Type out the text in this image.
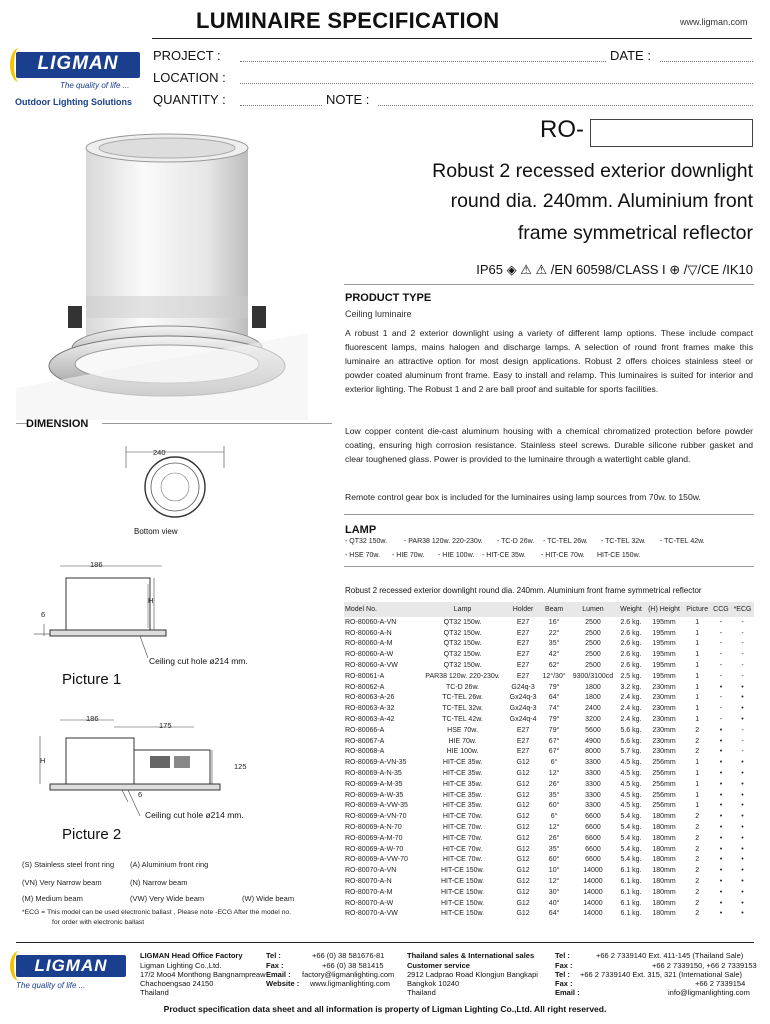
LUMINAIRE SPECIFICATION	www.ligman.com
LIGMAN
The quality of life ...
Outdoor Lighting Solutions
PROJECT :	DATE :
LOCATION :
QUANTITY :	NOTE :
RO-
Robust 2 recessed exterior downlight
round dia. 240mm. Aluminium front
frame symmetrical reflector
IP65 ◈ ⚠ ⚠ /EN 60598/CLASS I ⊕ /▽/CE /IK10
PRODUCT TYPE
Ceiling luminaire
A robust 1 and 2 exterior downlight using a variety of different lamp options. These include compact fluorescent lamps, mains halogen and discharge lamps. A selection of round front frames make this luminaire an attractive option for most design applications. Robust 2 offers choices stainless steel or powder coated aluminum front frame. Easy to install and relamp. This luminaires is suited for interior and exterior lighting. The Robust 1 and 2 are ball proof and suitable for sports facilities.
Low copper content die-cast aluminum housing with a chemical chromatized protection before powder coating, ensuring high corrosion resistance. Stainless steel screws. Durable silicone rubber gasket and clear toughened glass. Power is provided to the luminaire through a watertight cable gland.
Remote control gear box is included for the luminaires using lamp sources from 70w. to 150w.
DIMENSION
240
Bottom view
186
H
6
Ceiling cut hole ø214 mm.
Picture 1
186
175
H
125
6
Ceiling cut hole ø214 mm.
Picture 2
LAMP
- QT32 150w. - PAR38 120w. 220-230v. - TC-D 26w. - TC-TEL 26w. - TC-TEL 32w. - TC-TEL 42w.
- HSE 70w. - HIE 70w. - HIE 100w. - HIT-CE 35w. - HIT-CE 70w. HIT-CE 150w.
Robust 2 recessed exterior downlight round dia. 240mm. Aluminium front frame symmetrical reflector
Model No.	Lamp	Holder	Beam	Lumen	Weight	(H) Height	Picture	CCG	*ECG
RO-80060-A-VN	QT32 150w.	E27	16°	2500	2.6 kg.	195mm	1	-	-
RO-80060-A-N	QT32 150w.	E27	22°	2500	2.6 kg.	195mm	1	-	-
RO-80060-A-M	QT32 150w.	E27	35°	2500	2.6 kg.	195mm	1	-	-
RO-80060-A-W	QT32 150w.	E27	42°	2500	2.6 kg.	195mm	1	-	-
RO-80060-A-VW	QT32 150w.	E27	62°	2500	2.6 kg.	195mm	1	-	-
RO-80061-A	PAR38 120w. 220-230v.	E27	12°/30°	9300/3100cd	2.5 kg.	195mm	1	-	-
RO-80062-A	TC-D 26w.	G24q-3	79°	1800	3.2 kg.	230mm	1	•	•
RO-80063-A-26	TC-TEL 26w.	Gx24q-3	64°	1800	2.4 kg.	230mm	1	-	•
RO-80063-A-32	TC-TEL 32w.	Gx24q-3	74°	2400	2.4 kg.	230mm	1	-	•
RO-80063-A-42	TC-TEL 42w.	Gx24q-4	79°	3200	2.4 kg.	230mm	1	-	•
RO-80066-A	HSE 70w.	E27	79°	5600	5.6 kg.	230mm	2	•	-
RO-80067-A	HIE 70w.	E27	67°	4900	5.6 kg.	230mm	2	•	-
RO-80068-A	HIE 100w.	E27	67°	8000	5.7 kg.	230mm	2	•	-
RO-80069-A-VN-35	HIT-CE 35w.	G12	6°	3300	4.5 kg.	256mm	1	•	•
RO-80069-A-N-35	HIT-CE 35w.	G12	12°	3300	4.5 kg.	256mm	1	•	•
RO-80069-A-M-35	HIT-CE 35w.	G12	26°	3300	4.5 kg.	256mm	1	•	•
RO-80069-A-W-35	HIT-CE 35w.	G12	35°	3300	4.5 kg.	256mm	1	•	•
RO-80069-A-VW-35	HIT-CE 35w.	G12	60°	3300	4.5 kg.	256mm	1	•	•
RO-80069-A-VN-70	HIT-CE 70w.	G12	6°	6600	5.4 kg.	180mm	2	•	•
RO-80069-A-N-70	HIT-CE 70w.	G12	12°	6600	5.4 kg.	180mm	2	•	•
RO-80069-A-M-70	HIT-CE 70w.	G12	26°	6600	5.4 kg.	180mm	2	•	•
RO-80069-A-W-70	HIT-CE 70w.	G12	35°	6600	5.4 kg.	180mm	2	•	•
RO-80069-A-VW-70	HIT-CE 70w.	G12	60°	6600	5.4 kg.	180mm	2	•	•
RO-80070-A-VN	HIT-CE 150w.	G12	10°	14000	6.1 kg.	180mm	2	•	•
RO-80070-A-N	HIT-CE 150w.	G12	12°	14000	6.1 kg.	180mm	2	•	•
RO-80070-A-M	HIT-CE 150w.	G12	30°	14000	6.1 kg.	180mm	2	•	•
RO-80070-A-W	HIT-CE 150w.	G12	40°	14000	6.1 kg.	180mm	2	•	•
RO-80070-A-VW	HIT-CE 150w.	G12	64°	14000	6.1 kg.	180mm	2	•	•
(S) Stainless steel front ring (A) Aluminium front ring
(VN) Very Narrow beam	(N) Narrow beam
(M) Medium beam	(VW) Very Wide beam	(W) Wide beam
*ECG = This model can be used electronic ballast , Please note -ECG After the model no.
for order with electronic ballast
LIGMAN
The quality of life ...
LIGMAN Head Office Factory
Ligman Lighting Co.,Ltd.
17/2 Moo4 Monthong Bangnampreaw
Chachoengsao 24150
Thailand
Tel :	+66 (0) 38 581676-81
Fax :	+66 (0) 38 581415
Email : factory@ligmanlighting.com
Website : www.ligmanlighting.com
Thailand sales & International sales
Customer service
2912 Ladprao Road Klongjun Bangkapi
Bangkok 10240
Thailand
Tel :	+66 2 7339140 Ext. 411-145 (Thailand Sale)
Fax :	+66 2 7339150, +66 2 7339153
Tel : +66 2 7339140 Ext. 315, 321 (International Sale)
Fax :	+66 2 7339154
Email :	info@ligmanlighting.com
Product specification data sheet and all information is property of Ligman Lighting Co.,Ltd. All right reserved.
